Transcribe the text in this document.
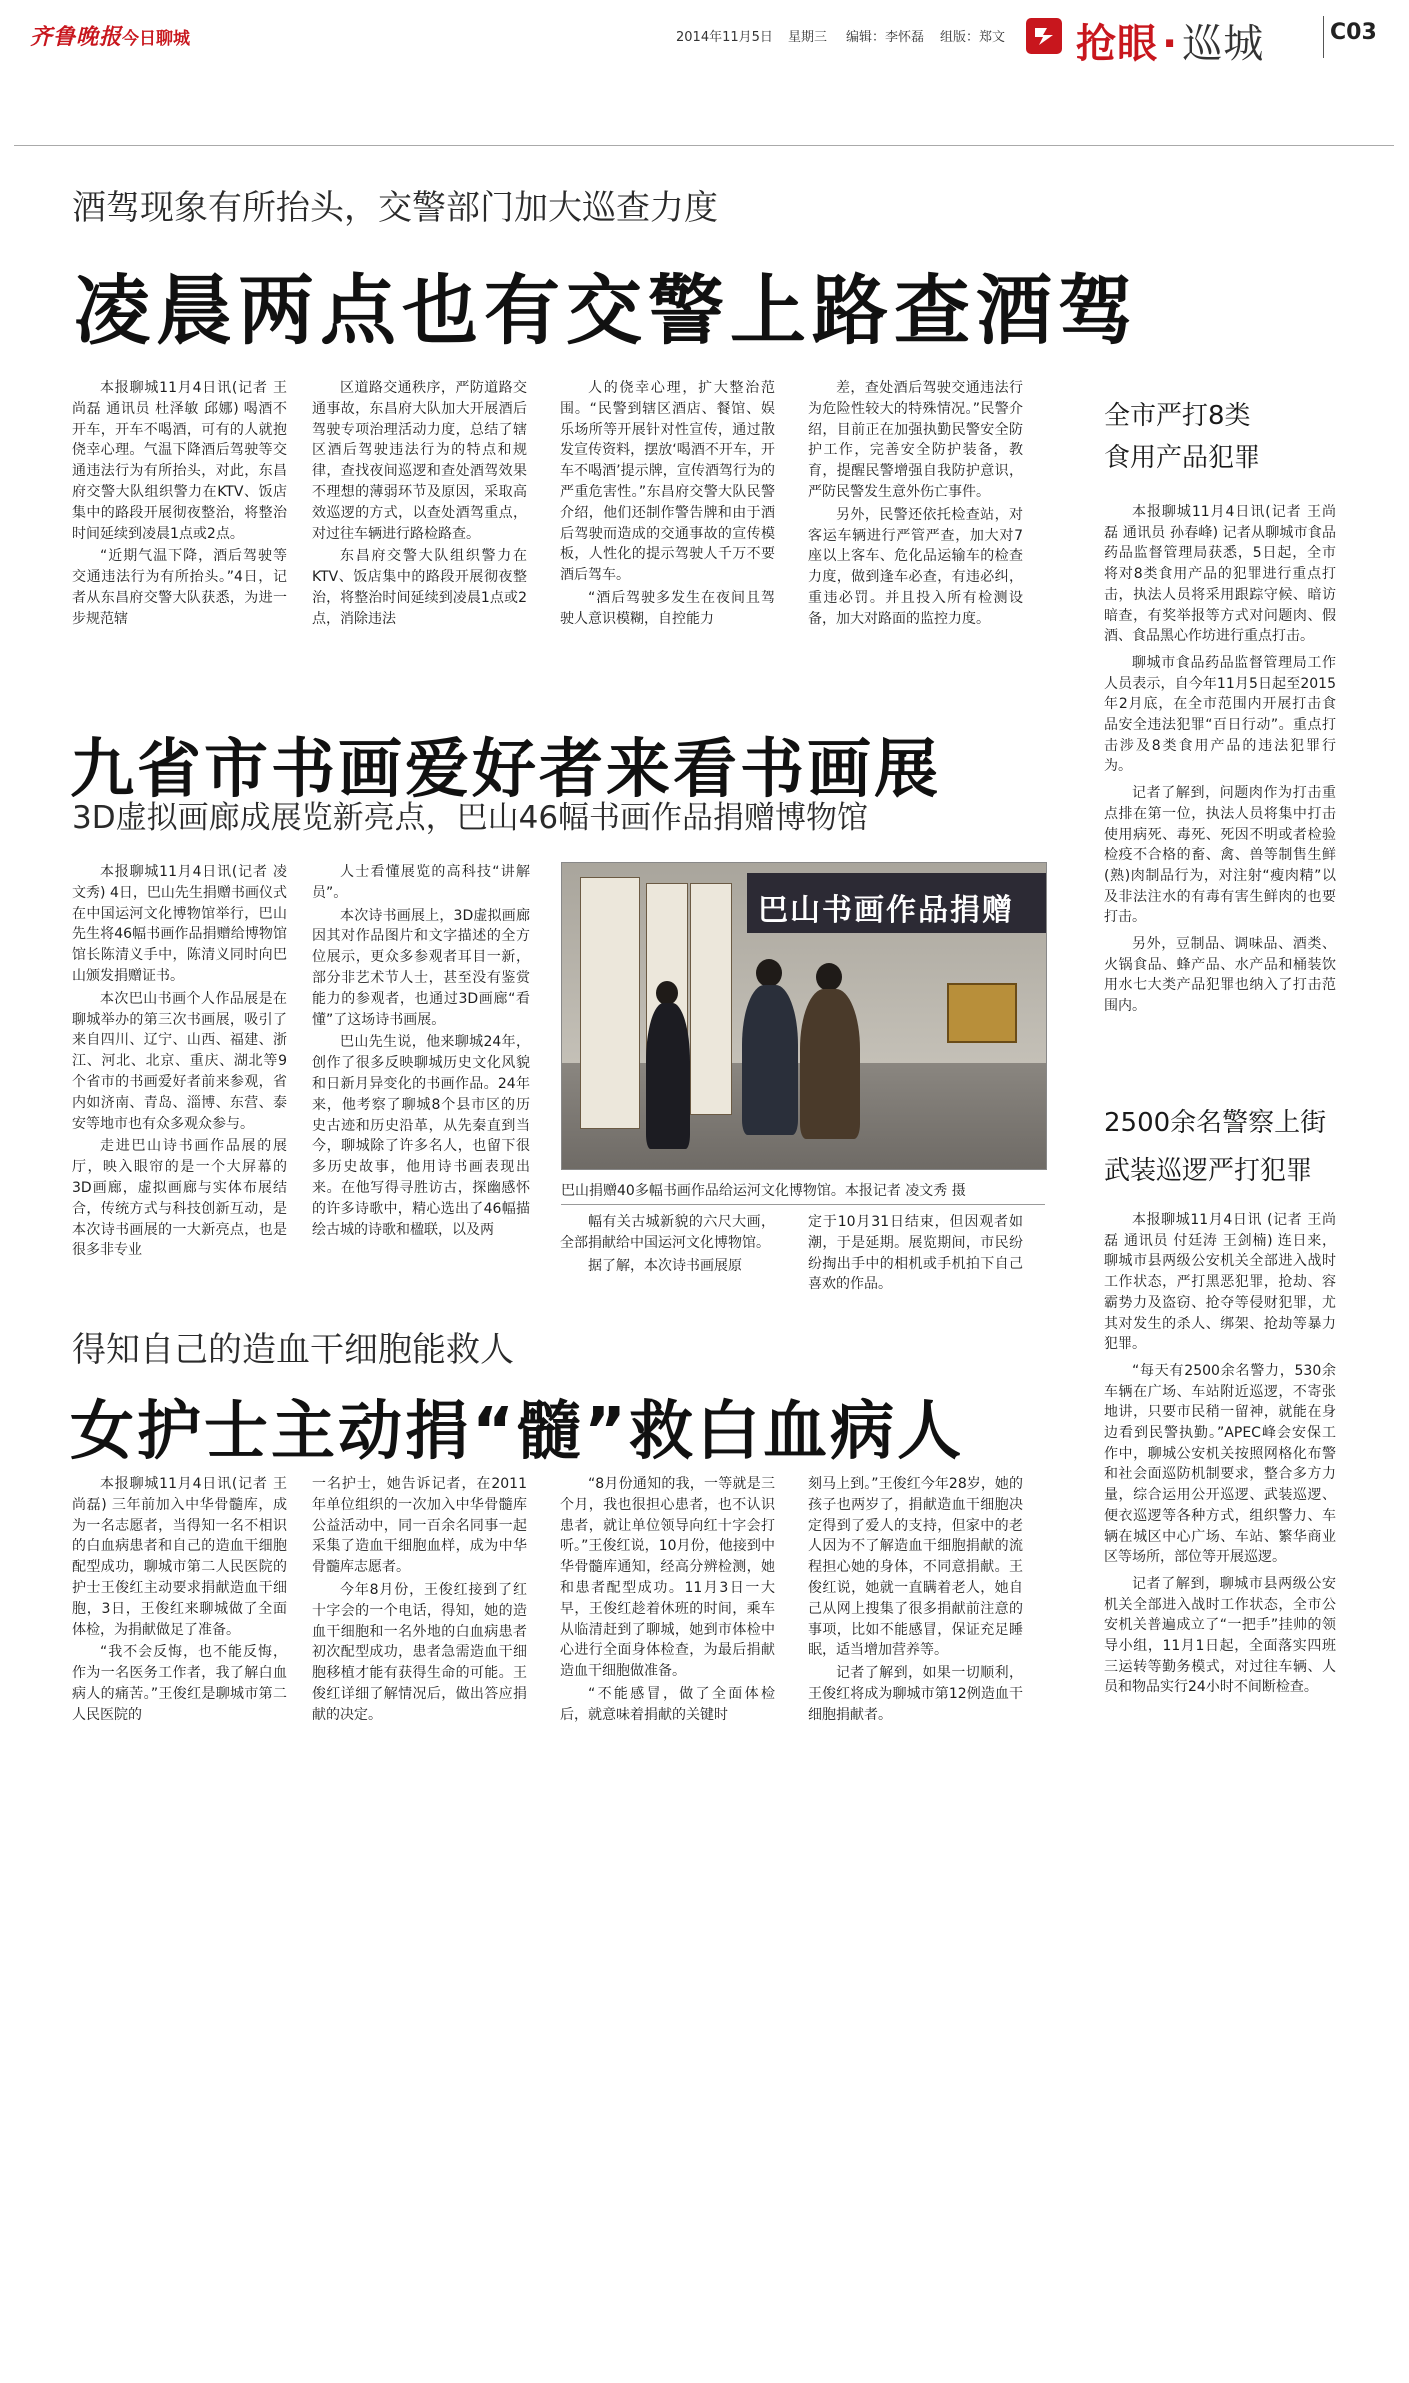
齐鲁晚报 今日聊城	2014年11月5日 星期三 编辑：李怀磊 组版：郑文 抢眼 · 巡城	C03
酒驾现象有所抬头，交警部门加大巡查力度
凌晨两点也有交警上路查酒驾

本报聊城11月4日讯(记者 王尚磊 通讯员 杜泽敏 邱娜) 喝酒不开车，开车不喝酒，可有的人就抱侥幸心理。气温下降酒后驾驶等交通违法行为有所抬头，对此，东昌府交警大队组织警力在KTV、饭店集中的路段开展彻夜整治，将整治时间延续到凌晨1点或2点。

“近期气温下降，酒后驾驶等交通违法行为有所抬头。”4日，记者从东昌府交警大队获悉，为进一步规范辖

区道路交通秩序，严防道路交通事故，东昌府大队加大开展酒后驾驶专项治理活动力度，总结了辖区酒后驾驶违法行为的特点和规律，查找夜间巡逻和查处酒驾效果不理想的薄弱环节及原因，采取高效巡逻的方式，以查处酒驾重点，对过往车辆进行路检路查。

东昌府交警大队组织警力在KTV、饭店集中的路段开展彻夜整治，将整治时间延续到凌晨1点或2点，消除违法

人的侥幸心理，扩大整治范围。“民警到辖区酒店、餐馆、娱乐场所等开展针对性宣传，通过散发宣传资料，摆放‘喝酒不开车，开车不喝酒’提示牌，宣传酒驾行为的严重危害性。”东昌府交警大队民警介绍，他们还制作警告牌和由于酒后驾驶而造成的交通事故的宣传模板，人性化的提示驾驶人千万不要酒后驾车。

“酒后驾驶多发生在夜间且驾驶人意识模糊，自控能力

差，查处酒后驾驶交通违法行为危险性较大的特殊情况。”民警介绍，目前正在加强执勤民警安全防护工作，完善安全防护装备，教育，提醒民警增强自我防护意识，严防民警发生意外伤亡事件。

另外，民警还依托检查站，对客运车辆进行严管严查，加大对7座以上客车、危化品运输车的检查力度，做到逢车必查，有违必纠，重违必罚。并且投入所有检测设备，加大对路面的监控力度。

九省市书画爱好者来看书画展
3D虚拟画廊成展览新亮点，巴山46幅书画作品捐赠博物馆

本报聊城11月4日讯(记者 凌文秀) 4日，巴山先生捐赠书画仪式在中国运河文化博物馆举行，巴山先生将46幅书画作品捐赠给博物馆馆长陈清义手中，陈清义同时向巴山颁发捐赠证书。

本次巴山书画个人作品展是在聊城举办的第三次书画展，吸引了来自四川、辽宁、山西、福建、浙江、河北、北京、重庆、湖北等9个省市的书画爱好者前来参观，省内如济南、青岛、淄博、东营、泰安等地市也有众多观众参与。

走进巴山诗书画作品展的展厅，映入眼帘的是一个大屏幕的3D画廊，虚拟画廊与实体布展结合，传统方式与科技创新互动，是本次诗书画展的一大新亮点，也是很多非专业

人士看懂展览的高科技“讲解员”。

本次诗书画展上，3D虚拟画廊因其对作品图片和文字描述的全方位展示，更众多参观者耳目一新，部分非艺术节人士，甚至没有鉴赏能力的参观者，也通过3D画廊“看懂”了这场诗书画展。

巴山先生说，他来聊城24年，创作了很多反映聊城历史文化风貌和日新月异变化的书画作品。24年来，他考察了聊城8个县市区的历史古迹和历史沿革，从先秦直到当今，聊城除了许多名人，也留下很多历史故事，他用诗书画表现出来。在他写得寻胜访古，探幽感怀的许多诗歌中，精心选出了46幅描绘古城的诗歌和楹联，以及两

巴山书画作品捐赠
巴山捐赠40多幅书画作品给运河文化博物馆。本报记者 凌文秀 摄

幅有关古城新貌的六尺大画，全部捐献给中国运河文化博物馆。

据了解，本次诗书画展原

定于10月31日结束，但因观者如潮，于是延期。展览期间，市民纷纷掏出手中的相机或手机拍下自己喜欢的作品。

得知自己的造血干细胞能救人
女护士主动捐“髓”救白血病人

本报聊城11月4日讯(记者 王尚磊) 三年前加入中华骨髓库，成为一名志愿者，当得知一名不相识的白血病患者和自己的造血干细胞配型成功，聊城市第二人民医院的护士王俊红主动要求捐献造血干细胞，3日，王俊红来聊城做了全面体检，为捐献做足了准备。

“我不会反悔，也不能反悔，作为一名医务工作者，我了解白血病人的痛苦。”王俊红是聊城市第二人民医院的

一名护士，她告诉记者，在2011年单位组织的一次加入中华骨髓库公益活动中，同一百余名同事一起采集了造血干细胞血样，成为中华骨髓库志愿者。

今年8月份，王俊红接到了红十字会的一个电话，得知，她的造血干细胞和一名外地的白血病患者初次配型成功，患者急需造血干细胞移植才能有获得生命的可能。王俊红详细了解情况后，做出答应捐献的决定。

“8月份通知的我，一等就是三个月，我也很担心患者，也不认识患者，就让单位领导向红十字会打听。”王俊红说，10月份，他接到中华骨髓库通知，经高分辨检测，她和患者配型成功。11月3日一大早，王俊红趁着休班的时间，乘车从临清赶到了聊城，她到市体检中心进行全面身体检查，为最后捐献造血干细胞做准备。

“不能感冒，做了全面体检后，就意味着捐献的关键时

刻马上到。”王俊红今年28岁，她的孩子也两岁了，捐献造血干细胞决定得到了爱人的支持，但家中的老人因为不了解造血干细胞捐献的流程担心她的身体，不同意捐献。王俊红说，她就一直瞒着老人，她自己从网上搜集了很多捐献前注意的事项，比如不能感冒，保证充足睡眠，适当增加营养等。

记者了解到，如果一切顺利，王俊红将成为聊城市第12例造血干细胞捐献者。

全市严打8类
食用产品犯罪

本报聊城11月4日讯(记者 王尚磊 通讯员 孙春峰) 记者从聊城市食品药品监督管理局获悉，5日起，全市将对8类食用产品的犯罪进行重点打击，执法人员将采用跟踪守候、暗访暗查，有奖举报等方式对问题肉、假酒、食品黑心作坊进行重点打击。

聊城市食品药品监督管理局工作人员表示，自今年11月5日起至2015年2月底，在全市范围内开展打击食品安全违法犯罪“百日行动”。重点打击涉及8类食用产品的违法犯罪行为。

记者了解到，问题肉作为打击重点排在第一位，执法人员将集中打击使用病死、毒死、死因不明或者检验检疫不合格的畜、禽、兽等制售生鲜(熟)肉制品行为，对注射“瘦肉精”以及非法注水的有毒有害生鲜肉的也要打击。

另外，豆制品、调味品、酒类、火锅食品、蜂产品、水产品和桶装饮用水七大类产品犯罪也纳入了打击范围内。

2500余名警察上街
武装巡逻严打犯罪

本报聊城11月4日讯 (记者 王尚磊 通讯员 付廷涛 王剑楠) 连日来，聊城市县两级公安机关全部进入战时工作状态，严打黑恶犯罪，抢劫、容霸势力及盗窃、抢夺等侵财犯罪，尤其对发生的杀人、绑架、抢劫等暴力犯罪。

“每天有2500余名警力，530余车辆在广场、车站附近巡逻，不寄张地讲，只要市民稍一留神，就能在身边看到民警执勤。”APEC峰会安保工作中，聊城公安机关按照网格化布警和社会面巡防机制要求，整合多方力量，综合运用公开巡逻、武装巡逻、便衣巡逻等各种方式，组织警力、车辆在城区中心广场、车站、繁华商业区等场所，部位等开展巡逻。

记者了解到，聊城市县两级公安机关全部进入战时工作状态，全市公安机关普遍成立了“一把手”挂帅的领导小组，11月1日起，全面落实四班三运转等勤务模式，对过往车辆、人员和物品实行24小时不间断检查。
